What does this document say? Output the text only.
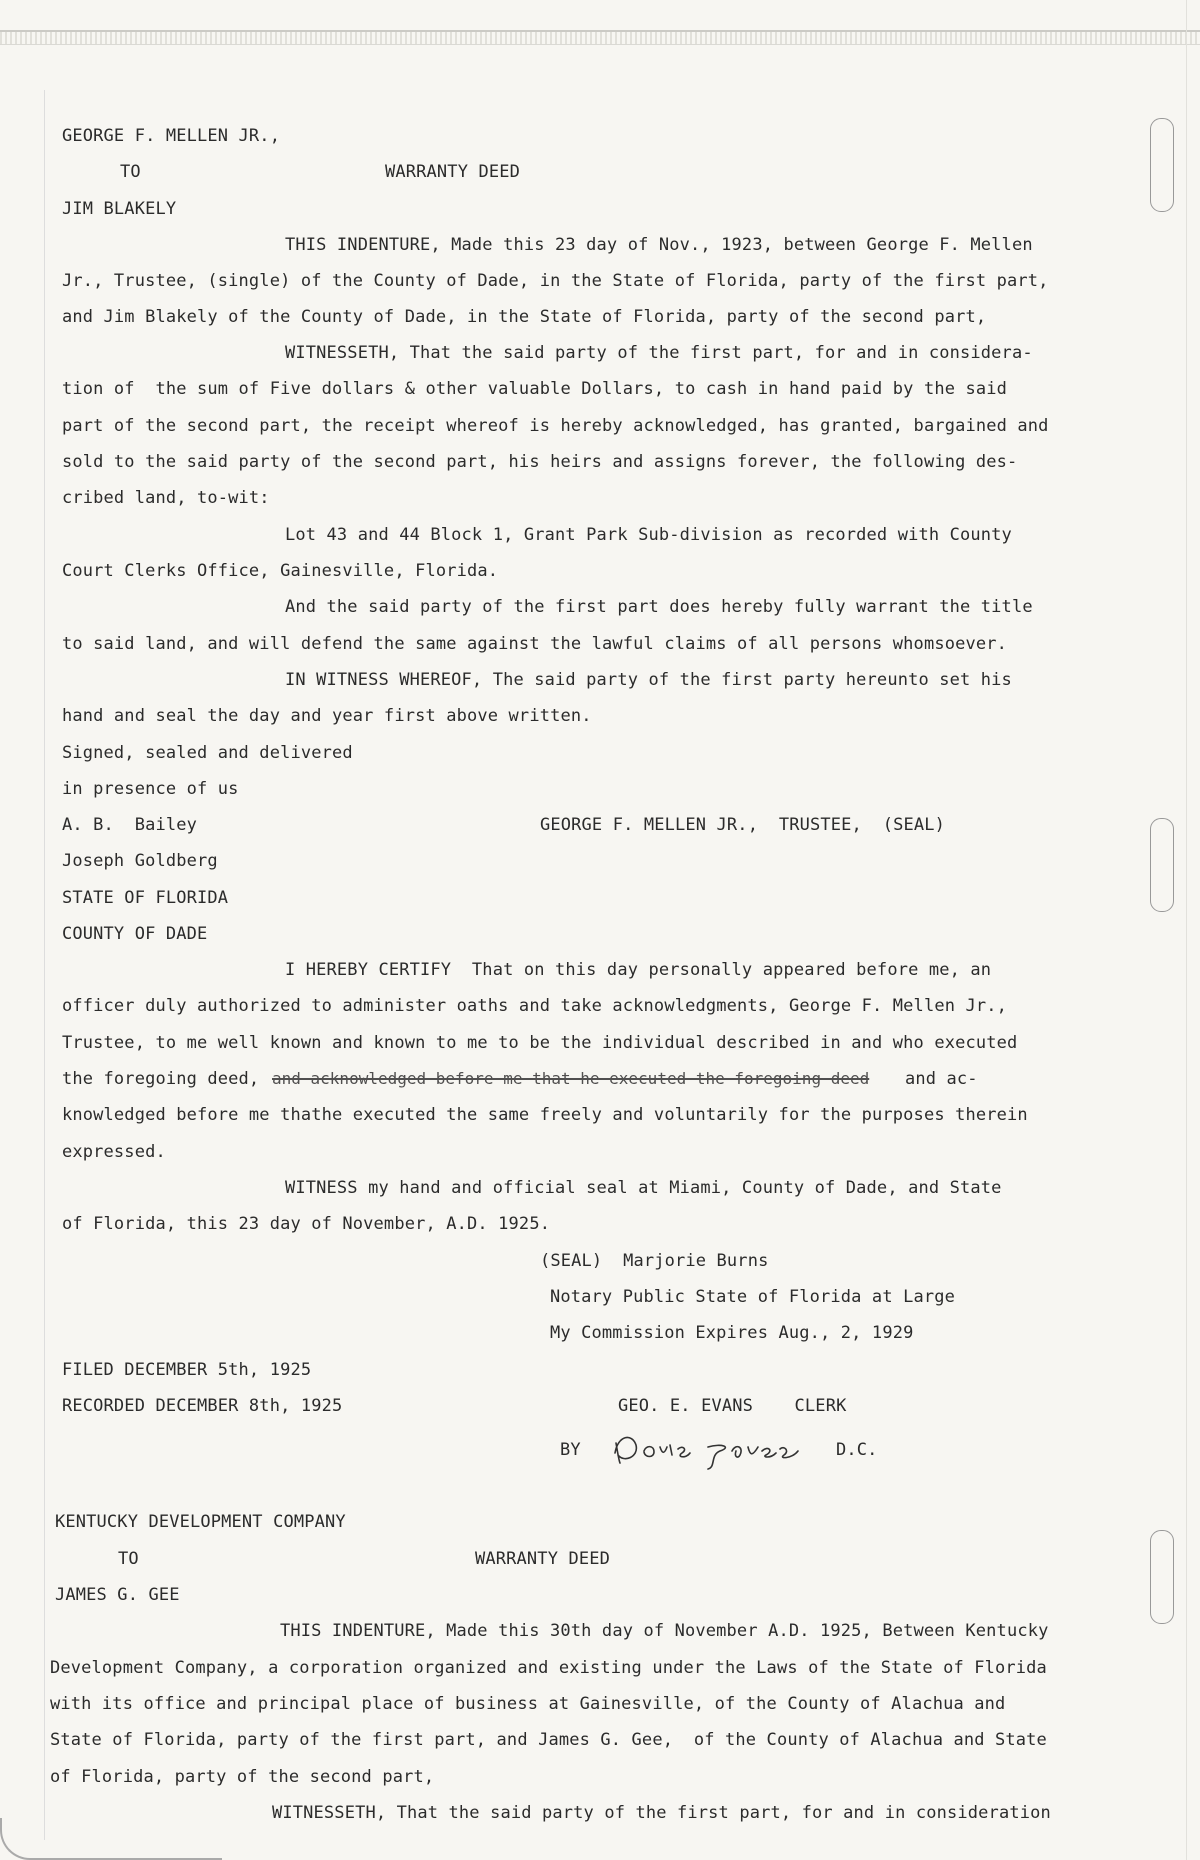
GEORGE F. MELLEN JR.,
TO	WARRANTY DEED
JIM BLAKELY
THIS INDENTURE, Made this 23 day of Nov., 1923, between George F. Mellen
Jr., Trustee, (single) of the County of Dade, in the State of Florida, party of the first part,
and Jim Blakely of the County of Dade, in the State of Florida, party of the second part,
WITNESSETH, That the said party of the first part, for and in considera-
tion of  the sum of Five dollars & other valuable Dollars, to cash in hand paid by the said
part of the second part, the receipt whereof is hereby acknowledged, has granted, bargained and
sold to the said party of the second part, his heirs and assigns forever, the following des-
cribed land, to-wit:
Lot 43 and 44 Block 1, Grant Park Sub-division as recorded with County
Court Clerks Office, Gainesville, Florida.
And the said party of the first part does hereby fully warrant the title
to said land, and will defend the same against the lawful claims of all persons whomsoever.
IN WITNESS WHEREOF, The said party of the first party hereunto set his
hand and seal the day and year first above written.
Signed, sealed and delivered
in presence of us
A. B.  Bailey	GEORGE F. MELLEN JR.,  TRUSTEE,  (SEAL)
Joseph Goldberg
STATE OF FLORIDA
COUNTY OF DADE
I HEREBY CERTIFY  That on this day personally appeared before me, an
officer duly authorized to administer oaths and take acknowledgments, George F. Mellen Jr.,
Trustee, to me well known and known to me to be the individual described in and who executed
the foregoing deed, and acknowledged before me that he executed the foregoing deed and ac-
knowledged before me thathe executed the same freely and voluntarily for the purposes therein
expressed.
WITNESS my hand and official seal at Miami, County of Dade, and State
of Florida, this 23 day of November, A.D. 1925.
(SEAL)  Marjorie Burns
Notary Public State of Florida at Large
My Commission Expires Aug., 2, 1929
FILED DECEMBER 5th, 1925
RECORDED DECEMBER 8th, 1925	GEO. E. EVANS    CLERK
BY	D.C.
KENTUCKY DEVELOPMENT COMPANY
TO	WARRANTY DEED
JAMES G. GEE
THIS INDENTURE, Made this 30th day of November A.D. 1925, Between Kentucky
Development Company, a corporation organized and existing under the Laws of the State of Florida
with its office and principal place of business at Gainesville, of the County of Alachua and
State of Florida, party of the first part, and James G. Gee,  of the County of Alachua and State
of Florida, party of the second part,
WITNESSETH, That the said party of the first part, for and in consideration
